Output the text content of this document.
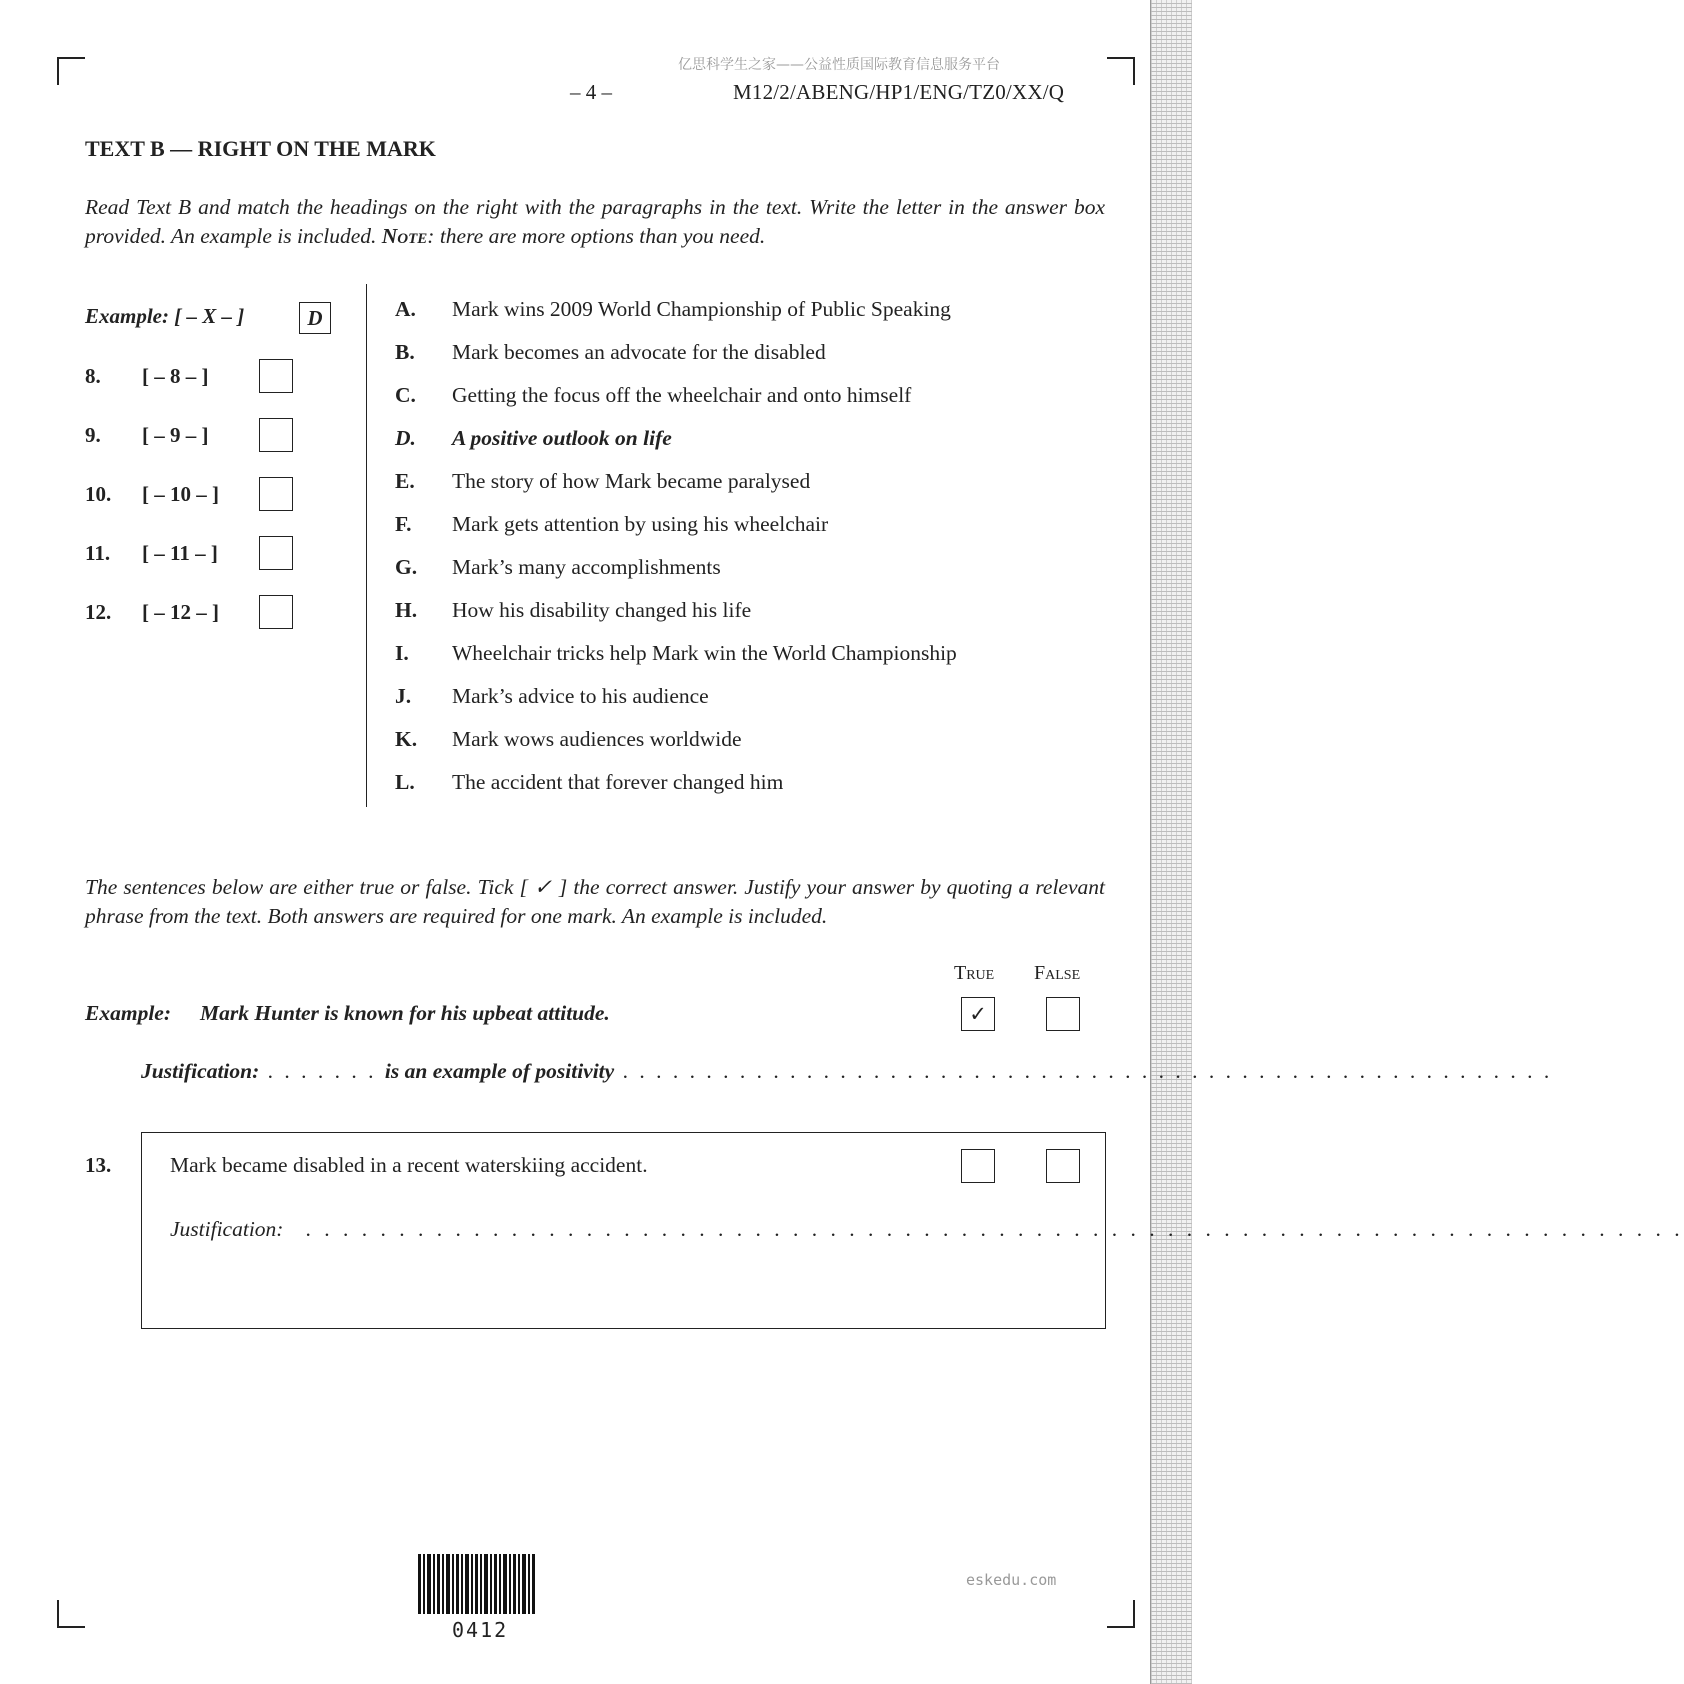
亿思科学生之家——公益性质国际教育信息服务平台
– 4 –	M12/2/ABENG/HP1/ENG/TZ0/XX/Q
TEXT B — RIGHT ON THE MARK
Read Text B and match the headings on the right with the paragraphs in the text. Write the letter in the answer box provided. An example is included. Note: there are more options than you need.
Example: [ – X – ]	D
8. [ – 8 – ]
9. [ – 9 – ]
10. [ – 10 – ]
11. [ – 11 – ]
12. [ – 12 – ]
A. Mark wins 2009 World Championship of Public Speaking
B. Mark becomes an advocate for the disabled
C. Getting the focus off the wheelchair and onto himself
D. A positive outlook on life
E. The story of how Mark became paralysed
F. Mark gets attention by using his wheelchair
G. Mark’s many accomplishments
H. How his disability changed his life
I. Wheelchair tricks help Mark win the World Championship
J. Mark’s advice to his audience
K. Mark wows audiences worldwide
L. The accident that forever changed him
The sentences below are either true or false. Tick [ ✓ ] the correct answer. Justify your answer by quoting a relevant phrase from the text. Both answers are required for one mark. An example is included.
True False
Example: Mark Hunter is known for his upbeat attitude.	✓
Justification: . . . . . . . is an example of positivity . . . . . . . . . . . . . . . . . . . . . . . . . . . . . . . . . . . . . . . . . . . . . . . . . . . . . . . .
13.	Mark became disabled in a recent waterskiing accident.
Justification: . . . . . . . . . . . . . . . . . . . . . . . . . . . . . . . . . . . . . . . . . . . . . . . . . . . . . . . . . . . . . . . . . . . . . . . . . .
0412
eskedu.com
